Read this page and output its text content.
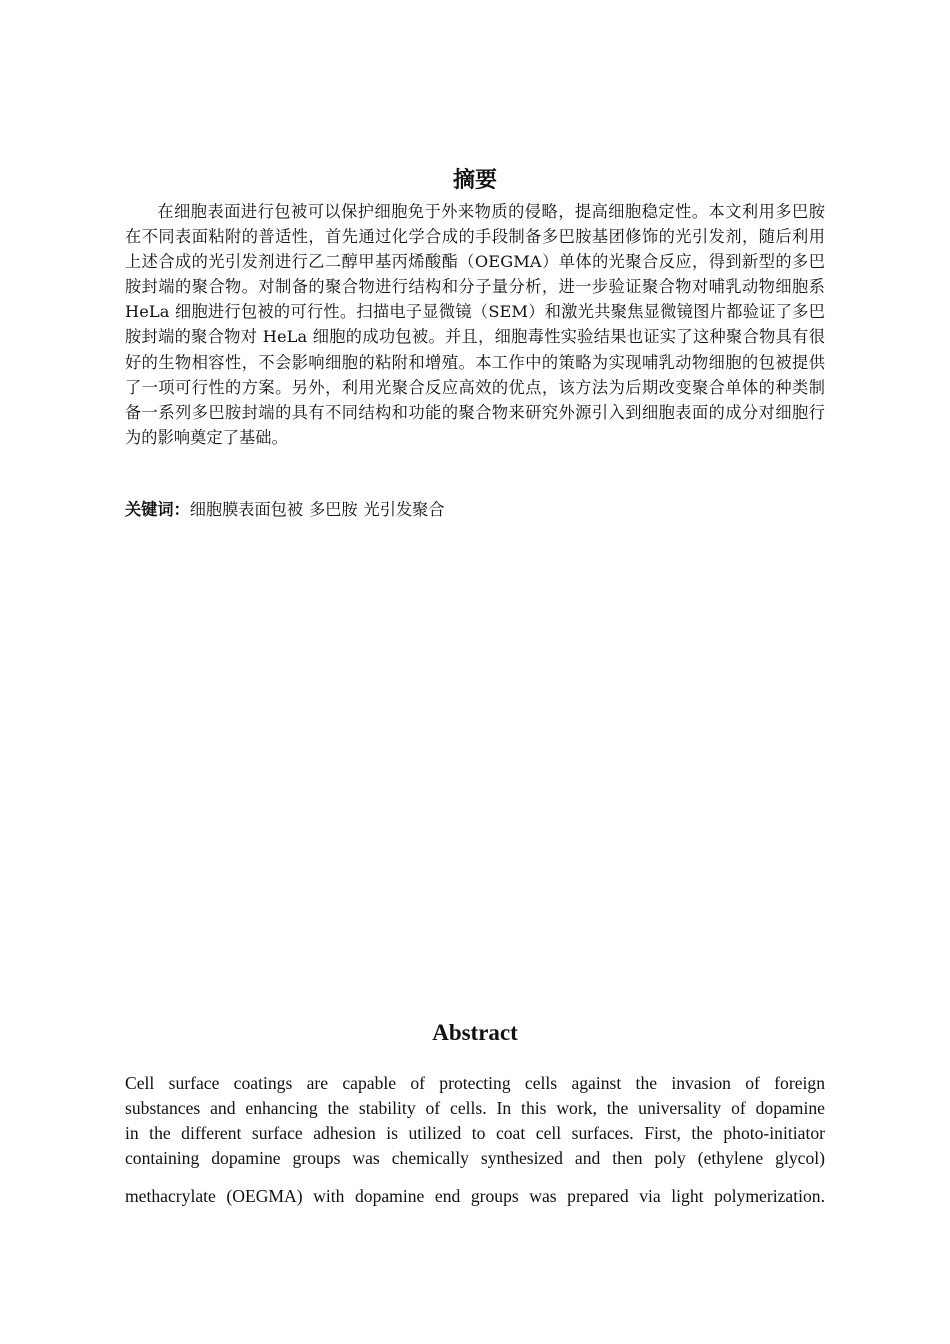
摘要

在细胞表面进行包被可以保护细胞免于外来物质的侵略，提高细胞稳定性。本文利用多巴胺在不同表面粘附的普适性，首先通过化学合成的手段制备多巴胺基团修饰的光引发剂，随后利用上述合成的光引发剂进行乙二醇甲基丙烯酸酯（OEGMA）单体的光聚合反应，得到新型的多巴胺封端的聚合物。对制备的聚合物进行结构和分子量分析，进一步验证聚合物对哺乳动物细胞系 HeLa 细胞进行包被的可行性。扫描电子显微镜（SEM）和激光共聚焦显微镜图片都验证了多巴胺封端的聚合物对 HeLa 细胞的成功包被。并且，细胞毒性实验结果也证实了这种聚合物具有很好的生物相容性，不会影响细胞的粘附和增殖。本工作中的策略为实现哺乳动物细胞的包被提供了一项可行性的方案。另外，利用光聚合反应高效的优点，该方法为后期改变聚合单体的种类制备一系列多巴胺封端的具有不同结构和功能的聚合物来研究外源引入到细胞表面的成分对细胞行为的影响奠定了基础。

关键词：细胞膜表面包被 多巴胺 光引发聚合

Abstract
Cell surface coatings are capable of protecting cells against the invasion of foreign
substances and enhancing the stability of cells. In this work, the universality of dopamine
in the different surface adhesion is utilized to coat cell surfaces. First, the photo-initiator
containing dopamine groups was chemically synthesized and then poly (ethylene glycol)
methacrylate (OEGMA) with dopamine end groups was prepared via light polymerization.
